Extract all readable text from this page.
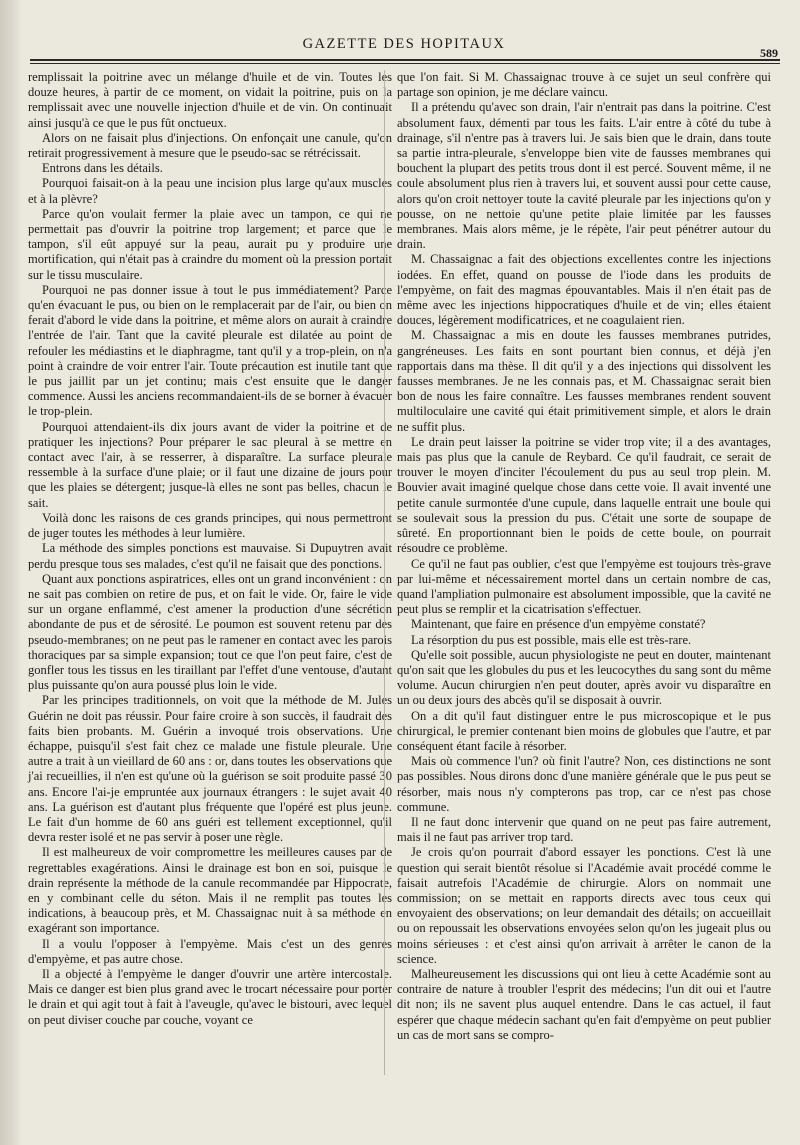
GAZETTE DES HOPITAUX
589

remplissait la poitrine avec un mélange d'huile et de vin. Toutes les douze heures, à partir de ce moment, on vidait la poitrine, puis on la remplissait avec une nouvelle injection d'huile et de vin. On continuait ainsi jusqu'à ce que le pus fût onctueux.

Alors on ne faisait plus d'injections. On enfonçait une canule, qu'on retirait progressivement à mesure que le pseudo-sac se rétrécissait.

Entrons dans les détails.

Pourquoi faisait-on à la peau une incision plus large qu'aux muscles et à la plèvre?

Parce qu'on voulait fermer la plaie avec un tampon, ce qui ne permettait pas d'ouvrir la poitrine trop largement; et parce que le tampon, s'il eût appuyé sur la peau, aurait pu y produire une mortification, qui n'était pas à craindre du moment où la pression portait sur le tissu musculaire.

Pourquoi ne pas donner issue à tout le pus immédiatement? Parce qu'en évacuant le pus, ou bien on le remplacerait par de l'air, ou bien on ferait d'abord le vide dans la poitrine, et même alors on aurait à craindre l'entrée de l'air. Tant que la cavité pleurale est dilatée au point de refouler les médiastins et le diaphragme, tant qu'il y a trop-plein, on n'a point à craindre de voir entrer l'air. Toute précaution est inutile tant que le pus jaillit par un jet continu; mais c'est ensuite que le danger commence. Aussi les anciens recommandaient-ils de se borner à évacuer le trop-plein.

Pourquoi attendaient-ils dix jours avant de vider la poitrine et de pratiquer les injections? Pour préparer le sac pleural à se mettre en contact avec l'air, à se resserrer, à disparaître. La surface pleurale ressemble à la surface d'une plaie; or il faut une dizaine de jours pour que les plaies se détergent; jusque-là elles ne sont pas belles, chacun le sait.

Voilà donc les raisons de ces grands principes, qui nous permettront de juger toutes les méthodes à leur lumière.

La méthode des simples ponctions est mauvaise. Si Dupuytren avait perdu presque tous ses malades, c'est qu'il ne faisait que des ponctions.

Quant aux ponctions aspiratrices, elles ont un grand inconvénient : on ne sait pas combien on retire de pus, et on fait le vide. Or, faire le vide sur un organe enflammé, c'est amener la production d'une sécrétion abondante de pus et de sérosité. Le poumon est souvent retenu par des pseudo-membranes; on ne peut pas le ramener en contact avec les parois thoraciques par sa simple expansion; tout ce que l'on peut faire, c'est de gonfler tous les tissus en les tiraillant par l'effet d'une ventouse, d'autant plus puissante qu'on aura poussé plus loin le vide.

Par les principes traditionnels, on voit que la méthode de M. Jules Guérin ne doit pas réussir. Pour faire croire à son succès, il faudrait des faits bien probants. M. Guérin a invoqué trois observations. Une échappe, puisqu'il s'est fait chez ce malade une fistule pleurale. Une autre a trait à un vieillard de 60 ans : or, dans toutes les observations que j'ai recueillies, il n'en est qu'une où la guérison se soit produite passé 30 ans. Encore l'ai-je empruntée aux journaux étrangers : le sujet avait 40 ans. La guérison est d'autant plus fréquente que l'opéré est plus jeune. Le fait d'un homme de 60 ans guéri est tellement exceptionnel, qu'il devra rester isolé et ne pas servir à poser une règle.

Il est malheureux de voir compromettre les meilleures causes par de regrettables exagérations. Ainsi le drainage est bon en soi, puisque le drain représente la méthode de la canule recommandée par Hippocrate, en y combinant celle du séton. Mais il ne remplit pas toutes les indications, à beaucoup près, et M. Chassaignac nuit à sa méthode en exagérant son importance.

Il a voulu l'opposer à l'empyème. Mais c'est un des genres d'empyème, et pas autre chose.

Il a objecté à l'empyème le danger d'ouvrir une artère intercostale. Mais ce danger est bien plus grand avec le trocart nécessaire pour porter le drain et qui agit tout à fait à l'aveugle, qu'avec le bistouri, avec lequel on peut diviser couche par couche, voyant ce

que l'on fait. Si M. Chassaignac trouve à ce sujet un seul confrère qui partage son opinion, je me déclare vaincu.

Il a prétendu qu'avec son drain, l'air n'entrait pas dans la poitrine. C'est absolument faux, démenti par tous les faits. L'air entre à côté du tube à drainage, s'il n'entre pas à travers lui. Je sais bien que le drain, dans toute sa partie intra-pleurale, s'enveloppe bien vite de fausses membranes qui bouchent la plupart des petits trous dont il est percé. Souvent même, il ne coule absolument plus rien à travers lui, et souvent aussi pour cette cause, alors qu'on croit nettoyer toute la cavité pleurale par les injections qu'on y pousse, on ne nettoie qu'une petite plaie limitée par les fausses membranes. Mais alors même, je le répète, l'air peut pénétrer autour du drain.

M. Chassaignac a fait des objections excellentes contre les injections iodées. En effet, quand on pousse de l'iode dans les produits de l'empyème, on fait des magmas épouvantables. Mais il n'en était pas de même avec les injections hippocratiques d'huile et de vin; elles étaient douces, légèrement modificatrices, et ne coagulaient rien.

M. Chassaignac a mis en doute les fausses membranes putrides, gangréneuses. Les faits en sont pourtant bien connus, et déjà j'en rapportais dans ma thèse. Il dit qu'il y a des injections qui dissolvent les fausses membranes. Je ne les connais pas, et M. Chassaignac serait bien bon de nous les faire connaître. Les fausses membranes rendent souvent multiloculaire une cavité qui était primitivement simple, et alors le drain ne suffit plus.

Le drain peut laisser la poitrine se vider trop vite; il a des avantages, mais pas plus que la canule de Reybard. Ce qu'il faudrait, ce serait de trouver le moyen d'inciter l'écoulement du pus au seul trop plein. M. Bouvier avait imaginé quelque chose dans cette voie. Il avait inventé une petite canule surmontée d'une cupule, dans laquelle entrait une boule qui se soulevait sous la pression du pus. C'était une sorte de soupape de sûreté. En proportionnant bien le poids de cette boule, on pourrait résoudre ce problème.

Ce qu'il ne faut pas oublier, c'est que l'empyème est toujours très-grave par lui-même et nécessairement mortel dans un certain nombre de cas, quand l'ampliation pulmonaire est absolument impossible, que la cavité ne peut plus se remplir et la cicatrisation s'effectuer.

Maintenant, que faire en présence d'un empyème constaté?

La résorption du pus est possible, mais elle est très-rare.

Qu'elle soit possible, aucun physiologiste ne peut en douter, maintenant qu'on sait que les globules du pus et les leucocythes du sang sont du même volume. Aucun chirurgien n'en peut douter, après avoir vu disparaître en un ou deux jours des abcès qu'il se disposait à ouvrir.

On a dit qu'il faut distinguer entre le pus microscopique et le pus chirurgical, le premier contenant bien moins de globules que l'autre, et par conséquent étant facile à résorber.

Mais où commence l'un? où finit l'autre? Non, ces distinctions ne sont pas possibles. Nous dirons donc d'une manière générale que le pus peut se résorber, mais nous n'y compterons pas trop, car ce n'est pas chose commune.

Il ne faut donc intervenir que quand on ne peut pas faire autrement, mais il ne faut pas arriver trop tard.

Je crois qu'on pourrait d'abord essayer les ponctions. C'est là une question qui serait bientôt résolue si l'Académie avait procédé comme le faisait autrefois l'Académie de chirurgie. Alors on nommait une commission; on se mettait en rapports directs avec tous ceux qui envoyaient des observations; on leur demandait des détails; on accueillait ou on repoussait les observations envoyées selon qu'on les jugeait plus ou moins sérieuses : et c'est ainsi qu'on arrivait à arrêter le canon de la science.

Malheureusement les discussions qui ont lieu à cette Académie sont au contraire de nature à troubler l'esprit des médecins; l'un dit oui et l'autre dit non; ils ne savent plus auquel entendre. Dans le cas actuel, il faut espérer que chaque médecin sachant qu'en fait d'empyème on peut publier un cas de mort sans se compro-
